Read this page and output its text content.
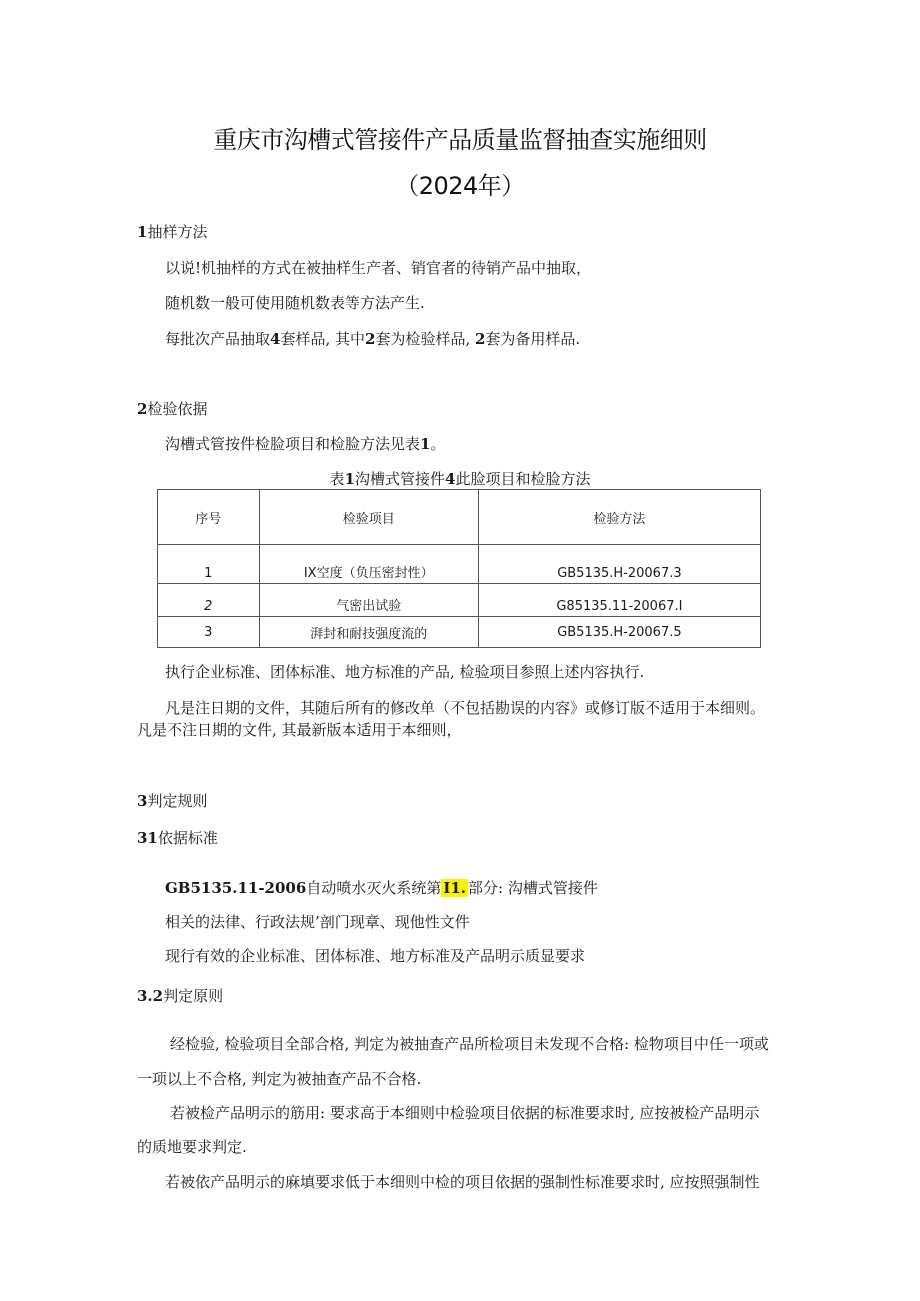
重庆市沟槽式管接件产品质量监督抽查实施细则
（2024年）
1抽样方法
以说!机抽样的方式在被抽样生产者、销官者的待销产品中抽取，
随机数一般可使用随机数表等方法产生.
每批次产品抽取4套样品, 其中2套为检验样品, 2套为备用样品.
2检验依据
沟槽式管按件检脸项目和检脸方法见表1。
表1沟槽式管接件4此脸项目和检脸方法
序号	检验项目	检验方法
1	IX空度（负压密封性）	GB5135.H-20067.3
2	气密出试验	G85135.11-20067.I
3	湃封和耐技强度流的	GB5135.H-20067.5
执行企业标准、团体标准、地方标准的产品, 检验项目参照上述内容执行.
凡是注日期的文件，其随后所有的修改单（不包括勘误的内容》或修订版不适用于本细则。
凡是不注日期的文件, 其最新版本适用于本细则，
3判定规则
31依据标准
GB5135.11-2006自动喷水灭火系统第 I1. 部分: 沟槽式管接件
相关的法律、行政法规’剖门现章、现他性文件
现行有效的企业标准、团体标准、地方标准及产品明示质显要求
3.2判定原则
经检验, 检验项目全部合格, 判定为被抽查产品所检项目未发现不合格: 检物项目中任一项或
一项以上不合格, 判定为被抽查产品不合格.
若被检产品明示的筋用: 要求高于本细则中检验项目依据的标准要求时, 应按被检产品明示
的质地要求判定.
若被依产品明示的麻填要求低于本细则中检的项目依据的强制性标准要求时, 应按照强制性
